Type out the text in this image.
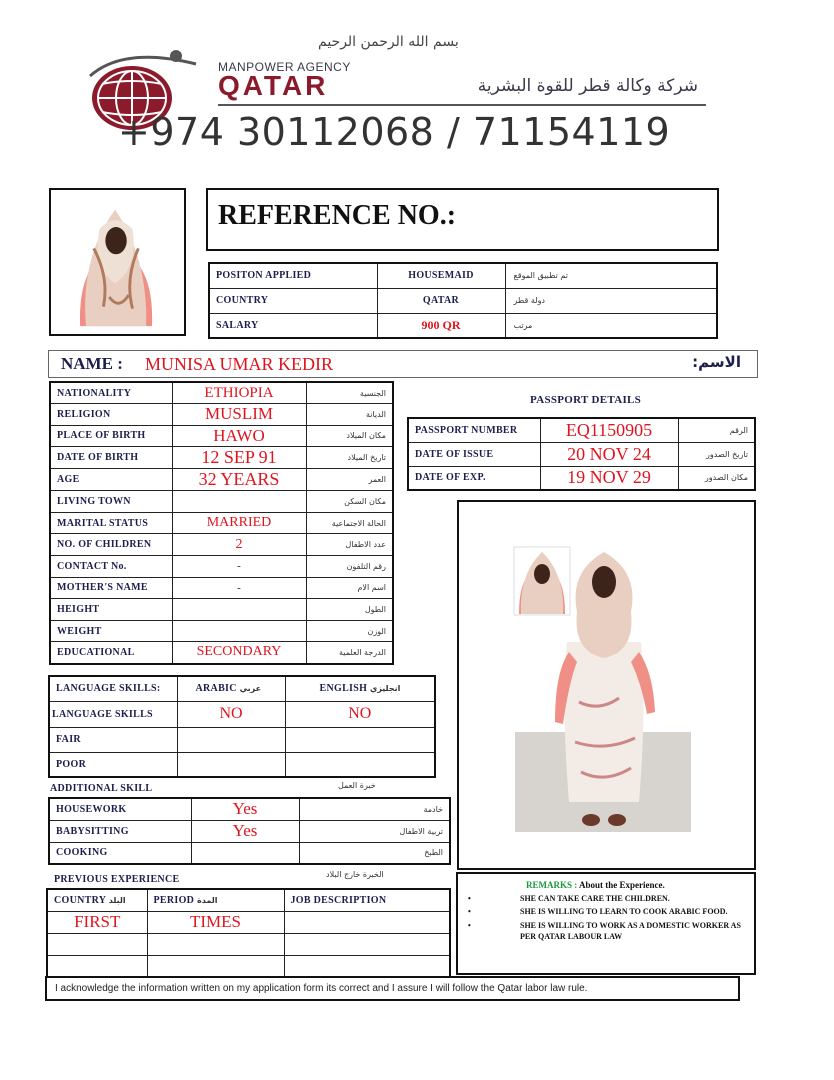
بسم الله الرحمن الرحيم
MANPOWER AGENCY
QATAR	شركة وكالة قطر للقوة البشرية
+974 30112068 / 71154119
REFERENCE NO.:
POSITON APPLIED	HOUSEMAID	تم تطبيق الموقع
COUNTRY	QATAR	دولة قطر
SALARY	900 QR	مرتب
NAME : MUNISA UMAR KEDIR	الاسم:
NATIONALITY	ETHIOPIA	الجنسية
RELIGION	MUSLIM	الديانة
PLACE OF BIRTH	HAWO	مكان الميلاد
DATE OF BIRTH	12 SEP 91	تاريخ الميلاد
AGE	32 YEARS	العمر
LIVING TOWN		مكان السكن
MARITAL STATUS	MARRIED	الحالة الاجتماعية
NO. OF CHILDREN	2	عدد الاطفال
CONTACT No.	-	رقم التلفون
MOTHER'S NAME	-	اسم الام
HEIGHT		الطول
WEIGHT		الوزن
EDUCATIONAL	SECONDARY	الدرجة العلمية
PASSPORT DETAILS
PASSPORT NUMBER	EQ1150905	الرقم
DATE OF ISSUE	20 NOV 24	تاريخ الصدور
DATE OF EXP.	19 NOV 29	مكان الصدور
LANGUAGE SKILLS:	ARABIC عربي	ENGLISH انجليزي
LANGUAGE SKILLS	NO	NO
FAIR		
POOR		
ADDITIONAL SKILL	خبرة العمل
HOUSEWORK	Yes	خادمة
BABYSITTING	Yes	تربية الاطفال
COOKING		الطبخ
PREVIOUS EXPERIENCE	الخبرة خارج البلاد
COUNTRY البلد	PERIOD المدة	JOB DESCRIPTION
FIRST	TIMES	

REMARKS : About the Experience.
•	SHE CAN TAKE CARE THE CHILDREN.
•	SHE IS WILLING TO LEARN TO COOK ARABIC FOOD.
•	SHE IS WILLING TO WORK AS A DOMESTIC WORKER AS PER QATAR LABOUR LAW
I acknowledge the information written on my application form its correct and I assure I will follow the Qatar labor law rule.
